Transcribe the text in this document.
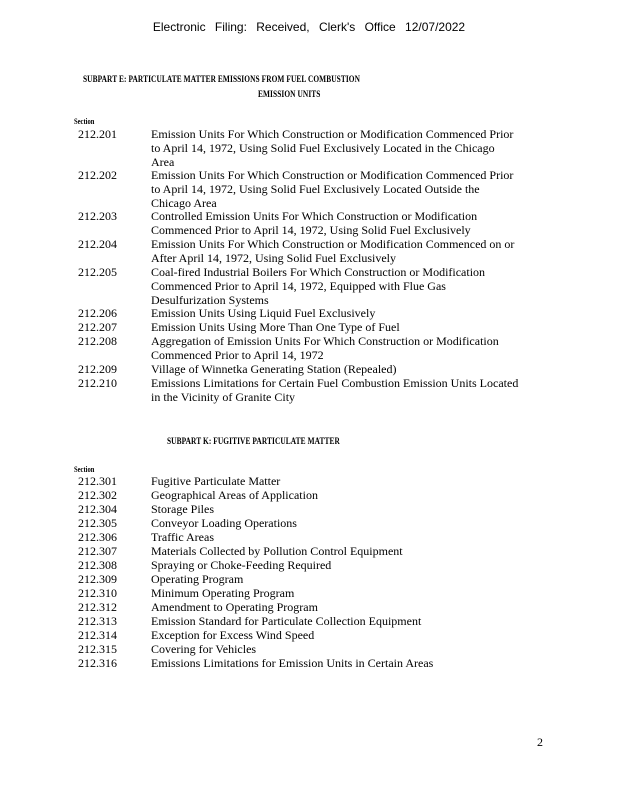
Electronic Filing: Received, Clerk's Office 12/07/2022
SUBPART E: PARTICULATE MATTER EMISSIONS FROM FUEL COMBUSTION
EMISSION UNITS
Section
212.201	Emission Units For Which Construction or Modification Commenced Prior to April 14, 1972, Using Solid Fuel Exclusively Located in the Chicago Area
212.202	Emission Units For Which Construction or Modification Commenced Prior to April 14, 1972, Using Solid Fuel Exclusively Located Outside the Chicago Area
212.203	Controlled Emission Units For Which Construction or Modification Commenced Prior to April 14, 1972, Using Solid Fuel Exclusively
212.204	Emission Units For Which Construction or Modification Commenced on or After April 14, 1972, Using Solid Fuel Exclusively
212.205	Coal-fired Industrial Boilers For Which Construction or Modification Commenced Prior to April 14, 1972, Equipped with Flue Gas Desulfurization Systems
212.206	Emission Units Using Liquid Fuel Exclusively
212.207	Emission Units Using More Than One Type of Fuel
212.208	Aggregation of Emission Units For Which Construction or Modification Commenced Prior to April 14, 1972
212.209	Village of Winnetka Generating Station (Repealed)
212.210	Emissions Limitations for Certain Fuel Combustion Emission Units Located in the Vicinity of Granite City
SUBPART K: FUGITIVE PARTICULATE MATTER
Section
212.301	Fugitive Particulate Matter
212.302	Geographical Areas of Application
212.304	Storage Piles
212.305	Conveyor Loading Operations
212.306	Traffic Areas
212.307	Materials Collected by Pollution Control Equipment
212.308	Spraying or Choke-Feeding Required
212.309	Operating Program
212.310	Minimum Operating Program
212.312	Amendment to Operating Program
212.313	Emission Standard for Particulate Collection Equipment
212.314	Exception for Excess Wind Speed
212.315	Covering for Vehicles
212.316	Emissions Limitations for Emission Units in Certain Areas
2
